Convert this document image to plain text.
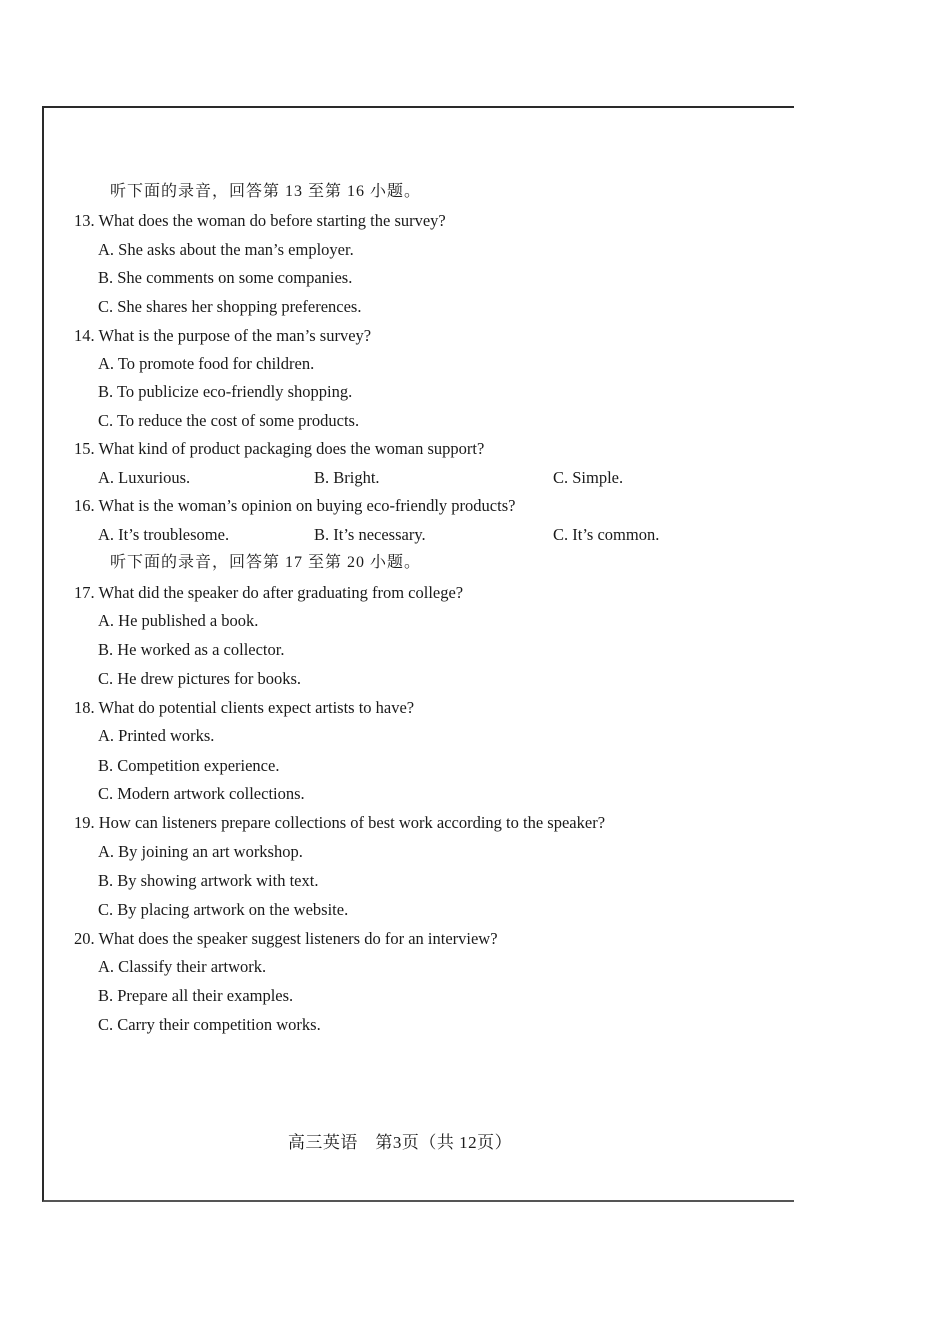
听下面的录音，回答第 13 至第 16 小题。
13. What does the woman do before starting the survey?
A. She asks about the man’s employer.
B. She comments on some companies.
C. She shares her shopping preferences.
14. What is the purpose of the man’s survey?
A. To promote food for children.
B. To publicize eco-friendly shopping.
C. To reduce the cost of some products.
15. What kind of product packaging does the woman support?
A. Luxurious.	B. Bright.	C. Simple.
16. What is the woman’s opinion on buying eco-friendly products?
A. It’s troublesome.	B. It’s necessary.	C. It’s common.
听下面的录音，回答第 17 至第 20 小题。
17. What did the speaker do after graduating from college?
A. He published a book.
B. He worked as a collector.
C. He drew pictures for books.
18. What do potential clients expect artists to have?
A. Printed works.
B. Competition experience.
C. Modern artwork collections.
19. How can listeners prepare collections of best work according to the speaker?
A. By joining an art workshop.
B. By showing artwork with text.
C. By placing artwork on the website.
20. What does the speaker suggest listeners do for an interview?
A. Classify their artwork.
B. Prepare all their examples.
C. Carry their competition works.
高三英语　第3页（共 12页）
